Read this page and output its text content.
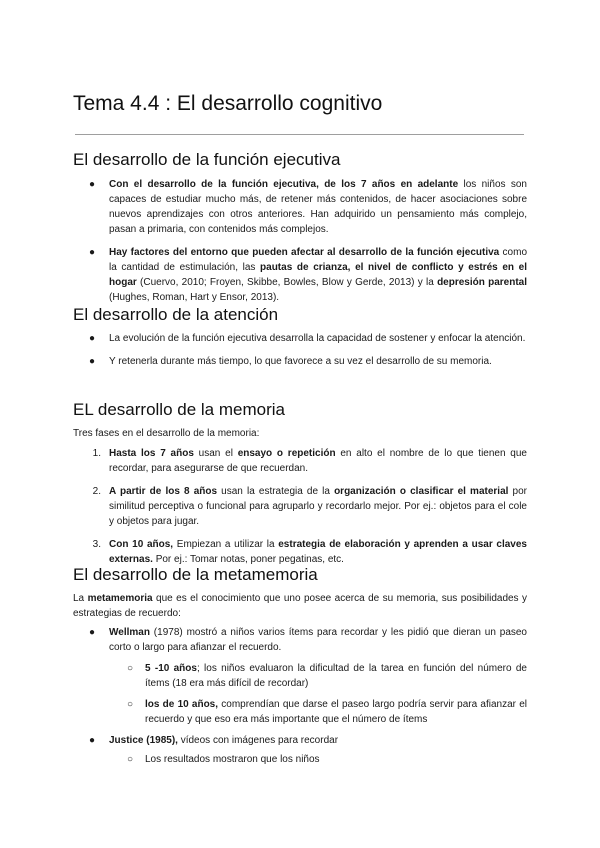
Tema 4.4 : El desarrollo cognitivo
El desarrollo de la función ejecutiva
●	Con el desarrollo de la función ejecutiva, de los 7 años en adelante los niños son capaces de estudiar mucho más, de retener más contenidos, de hacer asociaciones sobre nuevos aprendizajes con otros anteriores. Han adquirido un pensamiento más complejo, pasan a primaria, con contenidos más complejos.
●	Hay factores del entorno que pueden afectar al desarrollo de la función ejecutiva como la cantidad de estimulación, las pautas de crianza, el nivel de conflicto y estrés en el hogar (Cuervo, 2010; Froyen, Skibbe, Bowles, Blow y Gerde, 2013) y la depresión parental (Hughes, Roman, Hart y Ensor, 2013).
El desarrollo de la atención
●	La evolución de la función ejecutiva desarrolla la capacidad de sostener y enfocar la atención.
●	Y retenerla durante más tiempo, lo que favorece a su vez el desarrollo de su memoria.
EL desarrollo de la memoria

Tres fases en el desarrollo de la memoria:

1. Hasta los 7 años usan el ensayo o repetición en alto el nombre de lo que tienen que recordar, para asegurarse de que recuerdan.
2. A partir de los 8 años usan la estrategia de la organización o clasificar el material por similitud perceptiva o funcional para agruparlo y recordarlo mejor. Por ej.: objetos para el cole y objetos para jugar.
3. Con 10 años, Empiezan a utilizar la estrategia de elaboración y aprenden a usar claves externas. Por ej.: Tomar notas, poner pegatinas, etc.
El desarrollo de la metamemoria

La metamemoria que es el conocimiento que uno posee acerca de su memoria, sus posibilidades y estrategias de recuerdo:

●	Wellman (1978) mostró a niños varios ítems para recordar y les pidió que dieran un paseo corto o largo para afianzar el recuerdo.
○ 5 -10 años; los niños evaluaron la dificultad de la tarea en función del número de ítems (18 era más difícil de recordar)
○ los de 10 años, comprendían que darse el paseo largo podría servir para afianzar el recuerdo y que eso era más importante que el número de ítems
●	Justice (1985), vídeos con imágenes para recordar
○ Los resultados mostraron que los niños
